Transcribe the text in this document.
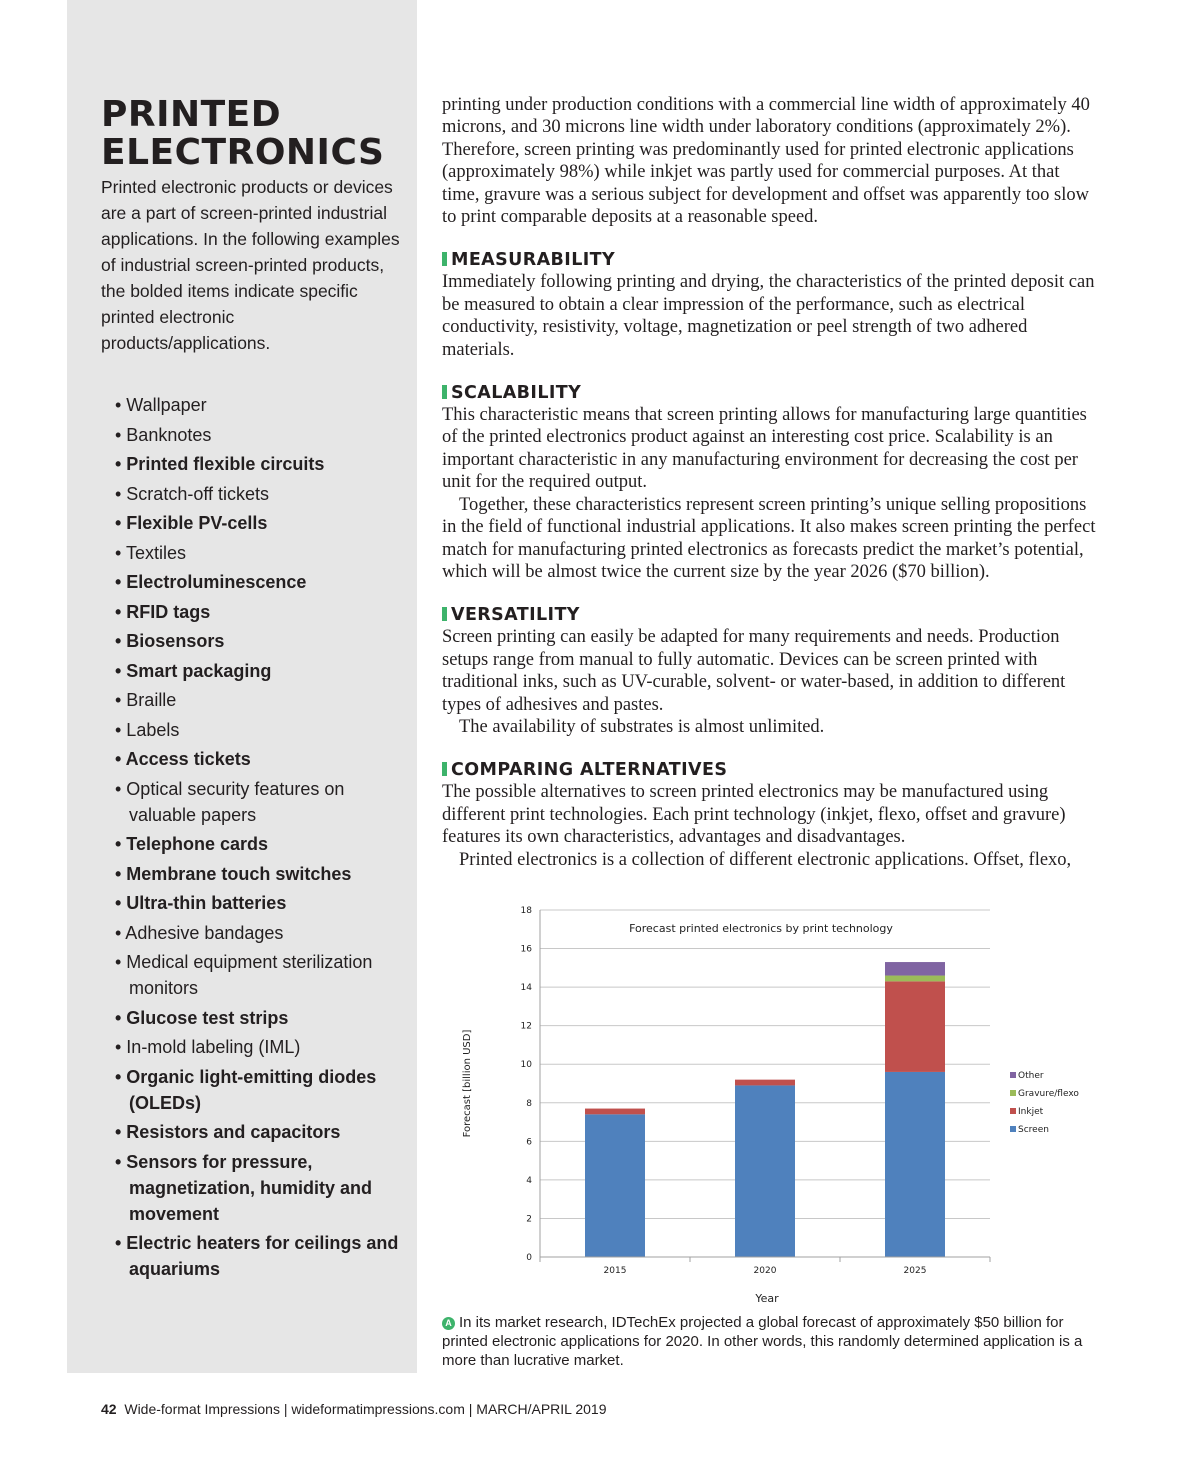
PRINTED
ELECTRONICS

Printed electronic products or devices are a part of screen-printed industrial applications. In the following examples of industrial screen-printed products, the bolded items indicate specific printed electronic products/applications.

• Wallpaper
• Banknotes
• Printed flexible circuits
• Scratch-off tickets
• Flexible PV-cells
• Textiles
• Electroluminescence
• RFID tags
• Biosensors
• Smart packaging
• Braille
• Labels
• Access tickets
• Optical security features on valuable papers
• Telephone cards
• Membrane touch switches
• Ultra-thin batteries
• Adhesive bandages
• Medical equipment sterilization monitors
• Glucose test strips
• In-mold labeling (IML)
• Organic light-emitting diodes (OLEDs)
• Resistors and capacitors
• Sensors for pressure, magnetization, humidity and movement
• Electric heaters for ceilings and aquariums

printing under production conditions with a commercial line width of approximately 40 microns, and 30 microns line width under laboratory conditions (approximately 2%). Therefore, screen printing was predominantly used for printed electronic applications (approximately 98%) while inkjet was partly used for commercial purposes. At that time, gravure was a serious subject for development and offset was apparently too slow to print comparable deposits at a reasonable speed.

MEASURABILITY

Immediately following printing and drying, the characteristics of the printed deposit can be measured to obtain a clear impression of the performance, such as electrical conductivity, resistivity, voltage, magnetization or peel strength of two adhered materials.

SCALABILITY

This characteristic means that screen printing allows for manufacturing large quantities of the printed electronics product against an interesting cost price. Scalability is an important characteristic in any manufacturing environment for decreasing the cost per unit for the required output.

Together, these characteristics represent screen printing’s unique selling propositions in the field of functional industrial applications. It also makes screen printing the perfect match for manufacturing printed electronics as forecasts predict the market’s potential, which will be almost twice the current size by the year 2026 ($70 billion).

VERSATILITY

Screen printing can easily be adapted for many requirements and needs. Production setups range from manual to fully automatic. Devices can be screen printed with traditional inks, such as UV-curable, solvent- or water-based, in addition to different types of adhesives and pastes.

The availability of substrates is almost unlimited.

COMPARING ALTERNATIVES

The possible alternatives to screen printed electronics may be manufactured using different print technologies. Each print technology (inkjet, flexo, offset and gravure) features its own characteristics, advantages and disadvantages.

Printed electronics is a collection of different electronic applications. Offset, flexo,

0
2
4
6
8
10
12
14
16
18
Forecast printed electronics by print technology
2015	2020	2025
Year
Forecast [billion USD]	Other
Gravure/flexo
Inkjet
Screen
A In its market research, IDTechEx projected a global forecast of approximately $50 billion for printed electronic applications for 2020. In other words, this randomly determined application is a more than lucrative market.
42 Wide-format Impressions | wideformatimpressions.com | MARCH/APRIL 2019
